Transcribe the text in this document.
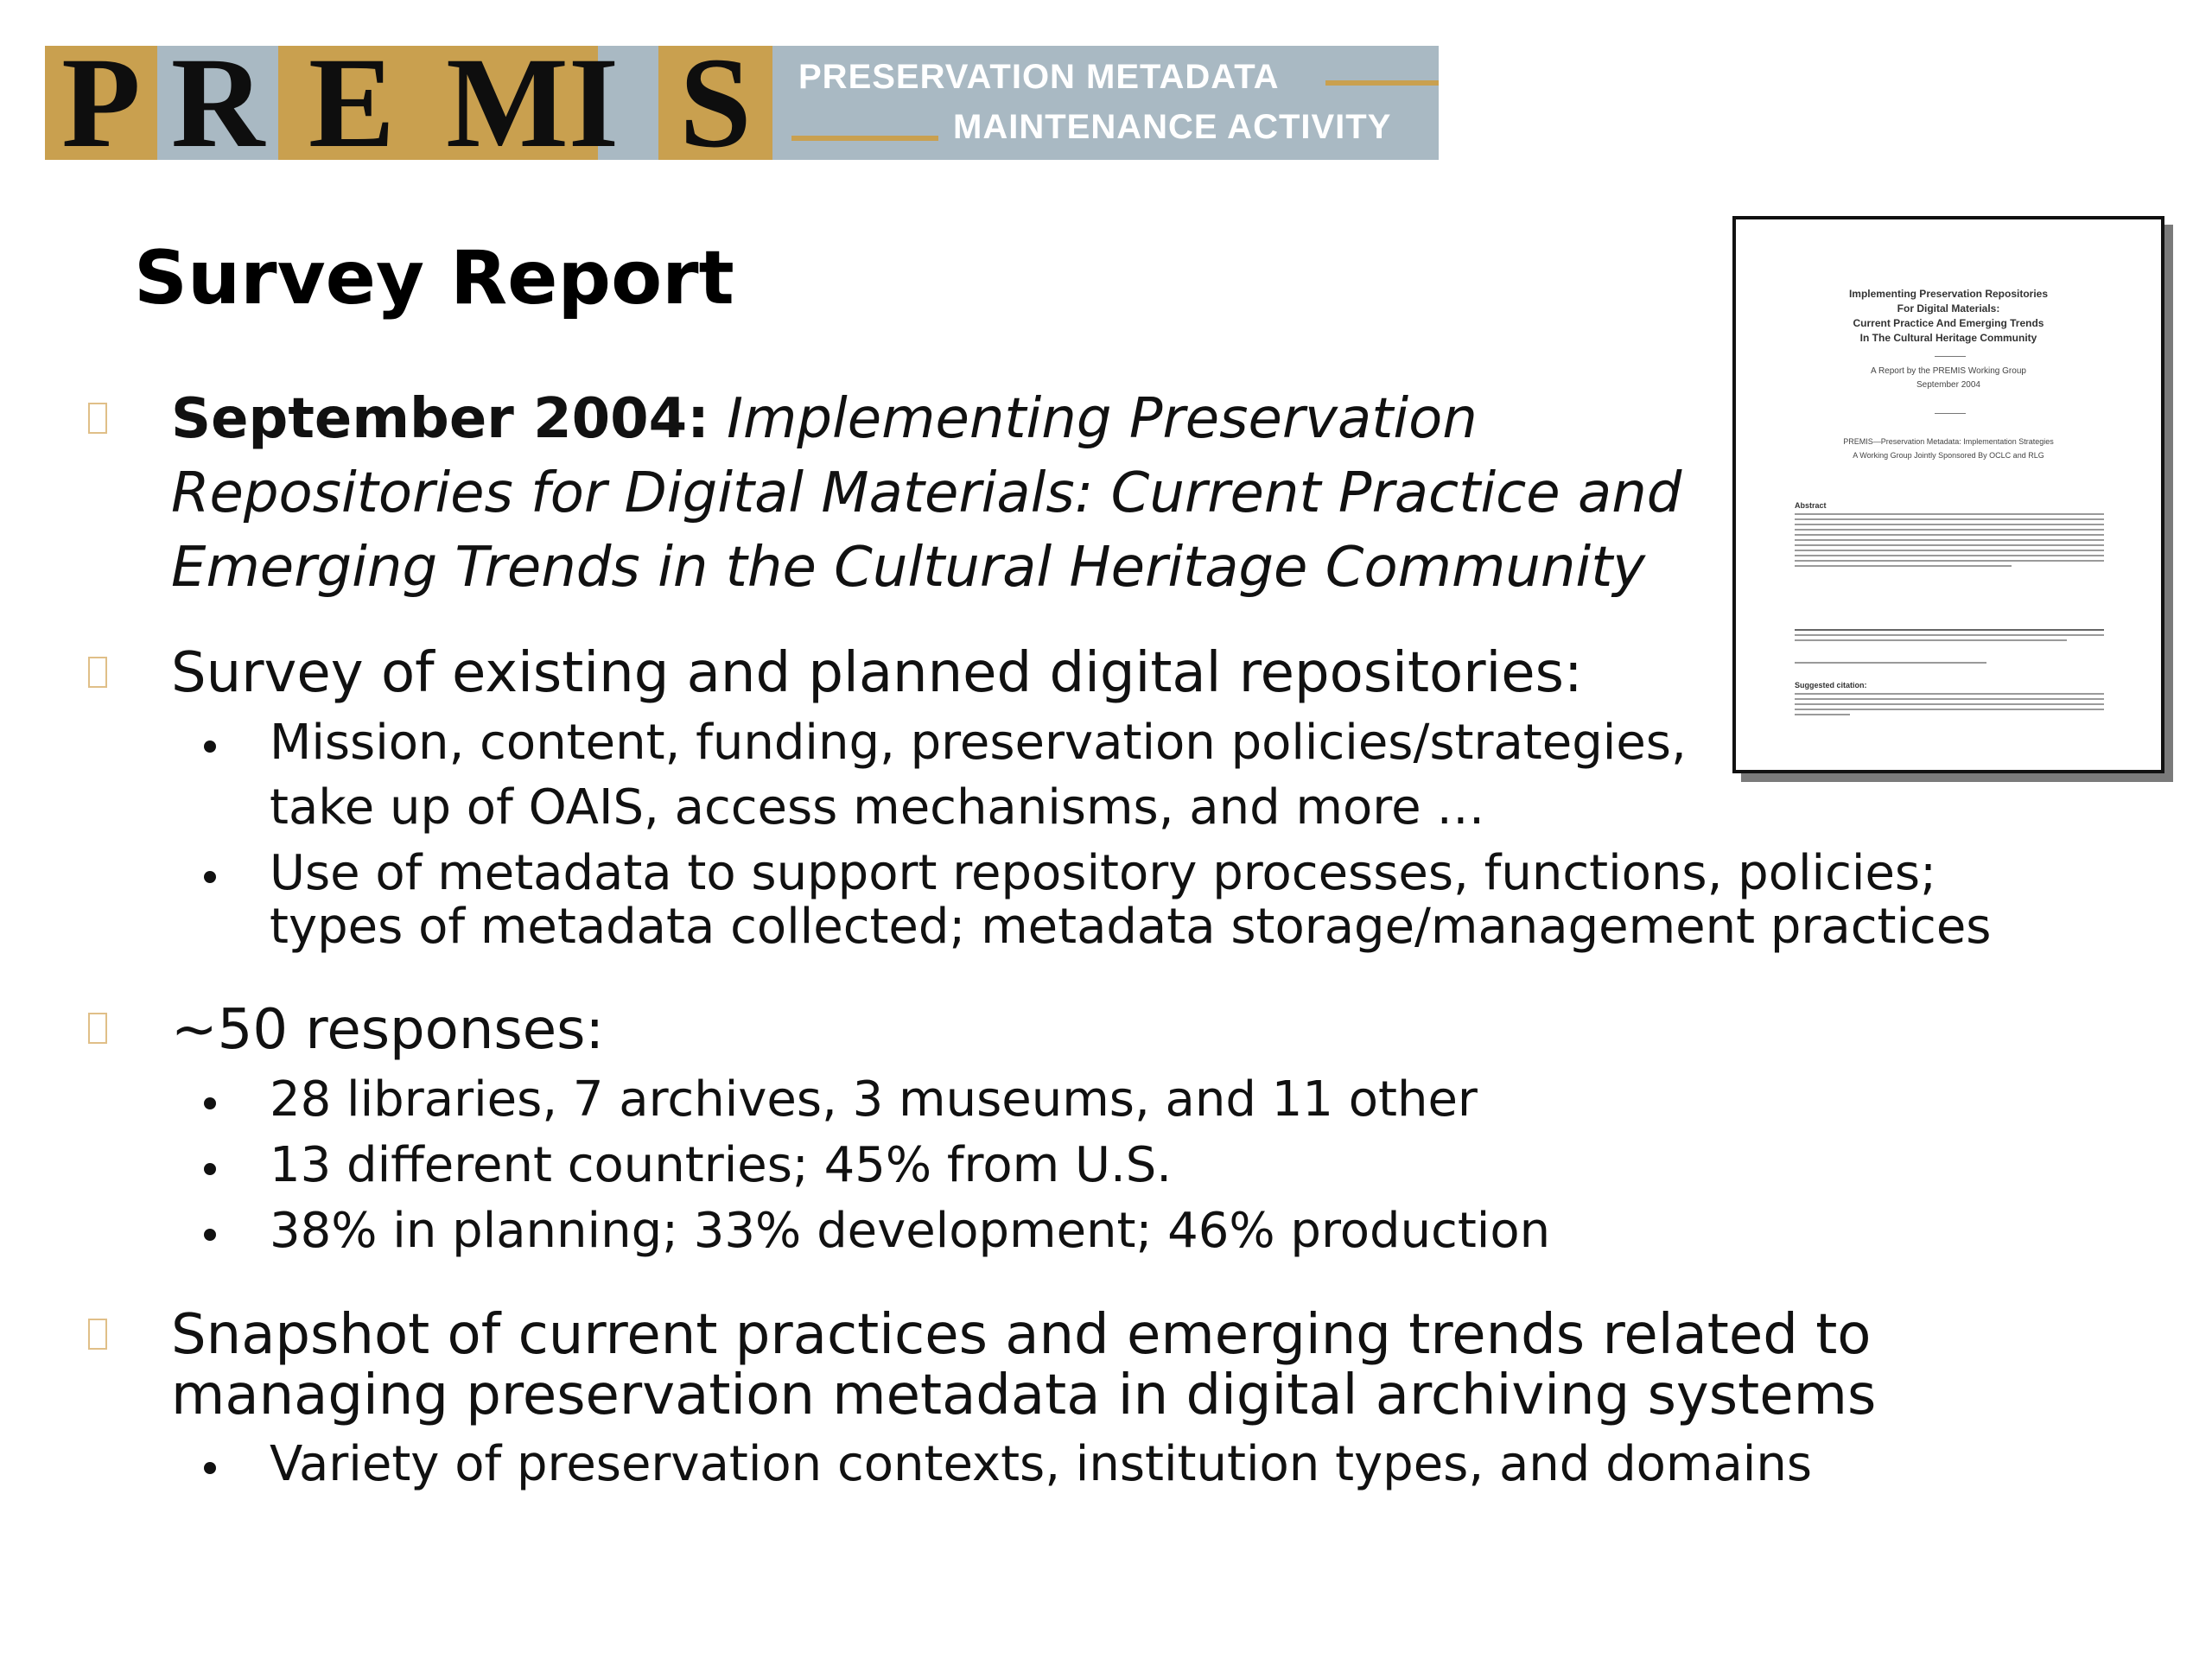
P R E M I S	PRESERVATION METADATA
MAINTENANCE ACTIVITY
Survey Report
September 2004: Implementing Preservation
Repositories for Digital Materials: Current Practice and
Emerging Trends in the Cultural Heritage Community
Survey of existing and planned digital repositories:
Mission, content, funding, preservation policies/strategies,
take up of OAIS, access mechanisms, and more …
Use of metadata to support repository processes, functions, policies;
types of metadata collected; metadata storage/management practices
~50 responses:
28 libraries, 7 archives, 3 museums, and 11 other
13 different countries; 45% from U.S.
38% in planning; 33% development; 46% production
Snapshot of current practices and emerging trends related to
managing preservation metadata in digital archiving systems
Variety of preservation contexts, institution types, and domains
Implementing Preservation Repositories
For Digital Materials:
Current Practice And Emerging Trends
In The Cultural Heritage Community
A Report by the PREMIS Working Group
September 2004
PREMIS—Preservation Metadata: Implementation Strategies
A Working Group Jointly Sponsored By OCLC and RLG
Abstract
Suggested citation:
